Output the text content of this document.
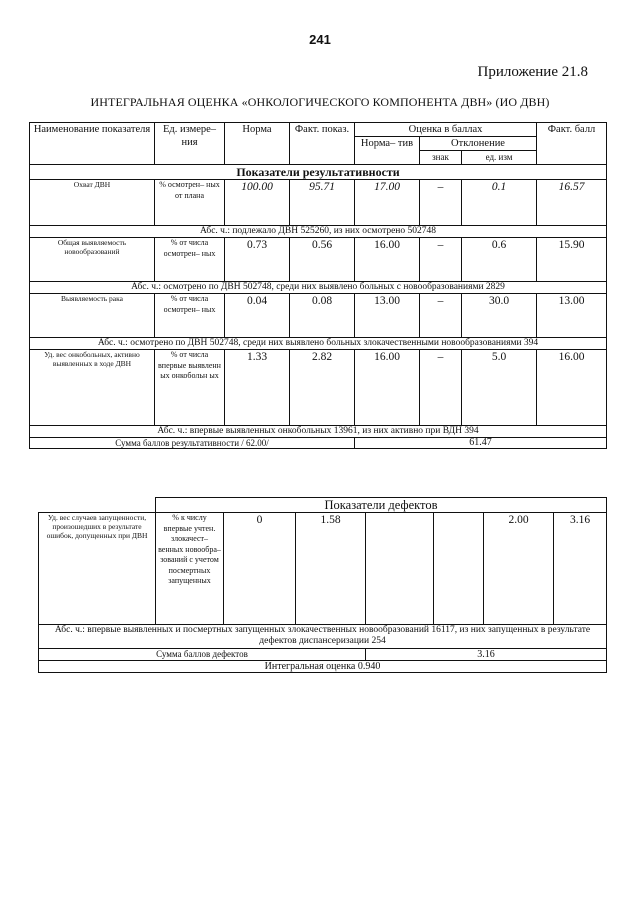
241
Приложение 21.8
ИНТЕГРАЛЬНАЯ ОЦЕНКА «ОНКОЛОГИЧЕСКОГО КОМПОНЕНТА ДВН» (ИО ДВН)
Наименование показателя	Ед. измере– ния	Норма	Факт. показ.	Оценка в баллах			Факт. балл
				Норма– тив	Отклонение		
					знак	ед. изм	
Показатели результативности							
Охват ДВН	% осмотрен– ных от плана	100.00	95.71	17.00	–	0.1	16.57
Абс. ч.: подлежало ДВН 525260, из них осмотрено 502748							
Общая выявляемость новообразований	% от числа осмотрен– ных	0.73	0.56	16.00	–	0.6	15.90
Абс. ч.: осмотрено по ДВН 502748, среди них выявлено больных с новообразованиями 2829							
Выявляемость рака	% от числа осмотрен– ных	0.04	0.08	13.00	–	30.0	13.00
Абс. ч.: осмотрено по ДВН 502748, среди них выявлено больных злокачественными новообразованиями 394							
Уд. вес онкобольных, активно выявленных в ходе ДВН	% от числа впервые выявленн ых онкобольн ых	1.33	2.82	16.00	–	5.0	16.00
Абс. ч.: впервые выявленных онкобольных 13961, из них активно при ВДН 394							
Сумма баллов результативности / 62.00/				61.47			
	Показатели дефектов						
Уд. вес случаев запущенности, произошедших в результате ошибок, допущенных при ДВН	% к числу впервые учтен. злокачест– венных новообра– зований с учетом посмертных запущенных	0	1.58			2.00	3.16
Абс. ч.: впервые выявленных и посмертных запущенных злокачественных новообразований 16117, из них запущенных в результате дефектов диспансеризации 254							
Сумма баллов дефектов				3.16			
Интегральная оценка 0.940							
